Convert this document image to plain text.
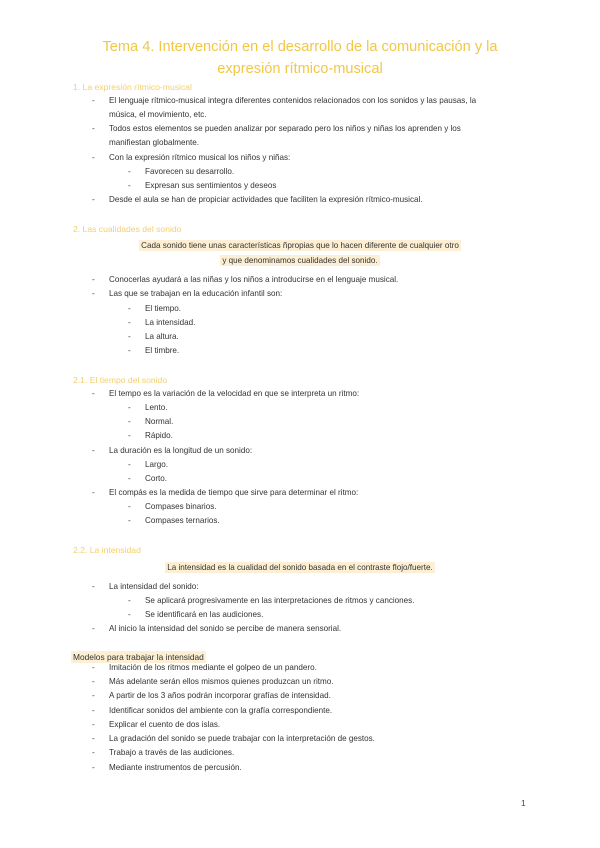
Tema 4. Intervención en el desarrollo de la comunicación y la
expresión rítmico-musical
1. La expresión rítmico-musical
- El lenguaje rítmico-musical integra diferentes contenidos relacionados con los sonidos y las pausas, la
música, el movimiento, etc.
- Todos estos elementos se pueden analizar por separado pero los niños y niñas los aprenden y los
manifiestan globalmente.
- Con la expresión rítmico musical los niños y niñas:
- Favorecen su desarrollo.
- Expresan sus sentimientos y deseos
- Desde el aula se han de propiciar actividades que faciliten la expresión rítmico-musical.
2. Las cualidades del sonido
Cada sonido tiene unas características ñpropias que lo hacen diferente de cualquier otro
y que denominamos cualidades del sonido.
- Conocerlas ayudará a las niñas y los niños a introducirse en el lenguaje musical.
- Las que se trabajan en la educación infantil son:
- El tiempo.
- La intensidad.
- La altura.
- El timbre.
2.1. El tiempo del sonido
- El tempo es la variación de la velocidad en que se interpreta un ritmo:
- Lento.
- Normal.
- Rápido.
- La duración es la longitud de un sonido:
- Largo.
- Corto.
- El compás es la medida de tiempo que sirve para determinar el ritmo:
- Compases binarios.
- Compases ternarios.
2.2. La intensidad
La intensidad es la cualidad del sonido basada en el contraste flojo/fuerte.
- La intensidad del sonido:
- Se aplicará progresivamente en las interpretaciones de ritmos y canciones.
- Se identificará en las audiciones.
- Al inicio la intensidad del sonido se percibe de manera sensorial.
Modelos para trabajar la intensidad
- Imitación de los ritmos mediante el golpeo de un pandero.
- Más adelante serán ellos mismos quienes produzcan un ritmo.
- A partir de los 3 años podrán incorporar grafías de intensidad.
- Identificar sonidos del ambiente con la grafía correspondiente.
- Explicar el cuento de dos islas.
- La gradación del sonido se puede trabajar con la interpretación de gestos.
- Trabajo a través de las audiciones.
- Mediante instrumentos de percusión.
1
